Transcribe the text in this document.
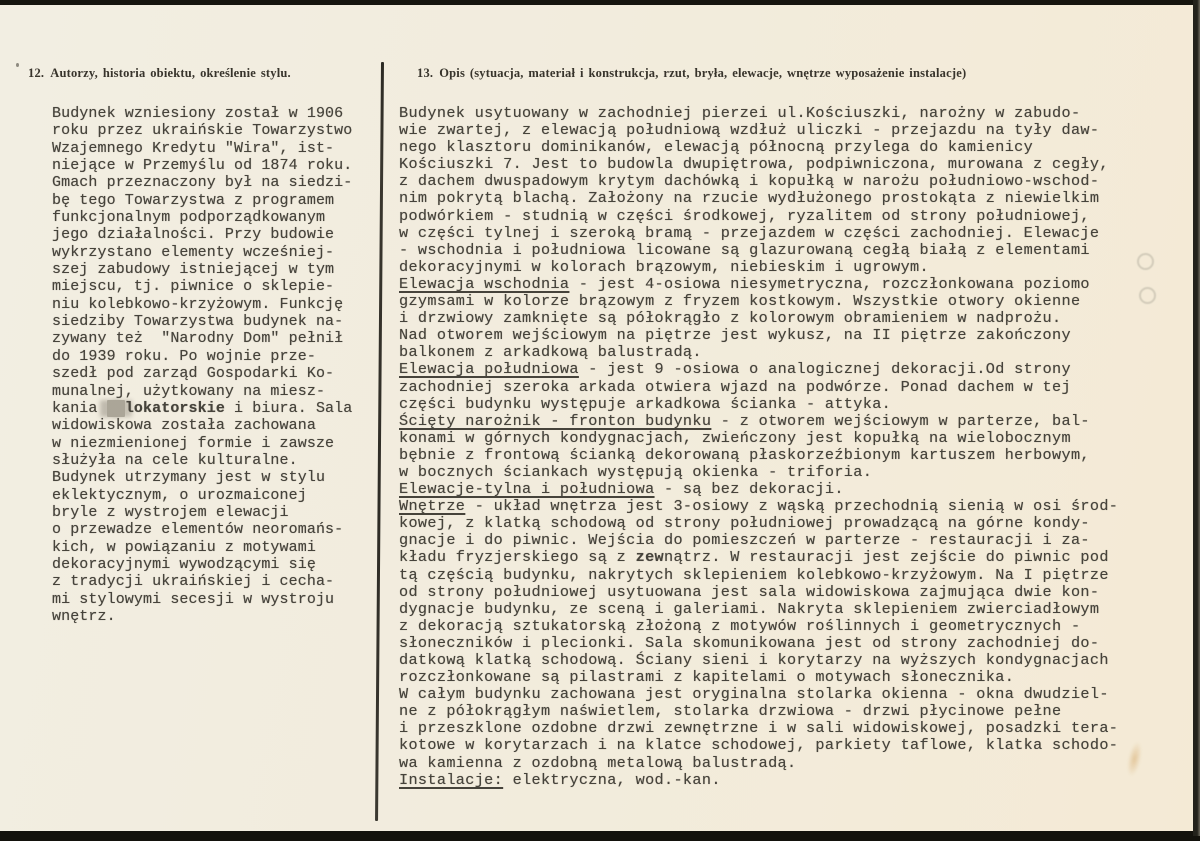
12. Autorzy, historia obiektu, określenie stylu.	13. Opis (sytuacja, materiał i konstrukcja, rzut, bryła, elewacje, wnętrze wyposażenie instalacje)
Budynek wzniesiony został w 1906
roku przez ukraińskie Towarzystwo
Wzajemnego Kredytu "Wira", ist-
niejące w Przemyślu od 1874 roku.
Gmach przeznaczony był na siedzi-
bę tego Towarzystwa z programem
funkcjonalnym podporządkowanym
jego działalności. Przy budowie
wykrzystano elementy wcześniej-
szej zabudowy istniejącej w tym
miejscu, tj. piwnice o sklepie-
niu kolebkowo-krzyżowym. Funkcję
siedziby Towarzystwa budynek na-
zywany też  "Narodny Dom" pełnił
do 1939 roku. Po wojnie prze-
szedł pod zarząd Gospodarki Ko-
munalnej, użytkowany na miesz-
kania   lokatorskie i biura. Sala
widowiskowa została zachowana
w niezmienionej formie i zawsze
służyła na cele kulturalne.
Budynek utrzymany jest w stylu
eklektycznym, o urozmaiconej
bryle z wystrojem elewacji
o przewadze elementów neoromańs-
kich, w powiązaniu z motywami
dekoracyjnymi wywodzącymi się
z tradycji ukraińskiej i cecha-
mi stylowymi secesji w wystroju
wnętrz.
Budynek usytuowany w zachodniej pierzei ul.Kościuszki, narożny w zabudo-
wie zwartej, z elewacją południową wzdłuż uliczki - przejazdu na tyły daw-
nego klasztoru dominikanów, elewacją północną przylega do kamienicy
Kościuszki 7. Jest to budowla dwupiętrowa, podpiwniczona, murowana z cegły,
z dachem dwuspadowym krytym dachówką i kopułką w narożu południowo-wschod-
nim pokrytą blachą. Założony na rzucie wydłużonego prostokąta z niewielkim
podwórkiem - studnią w części środkowej, ryzalitem od strony południowej,
w części tylnej i szeroką bramą - przejazdem w części zachodniej. Elewacje
- wschodnia i południowa licowane są glazurowaną cegłą białą z elementami
dekoracyjnymi w kolorach brązowym, niebieskim i ugrowym.
Elewacja wschodnia - jest 4-osiowa niesymetryczna, rozczłonkowana poziomo
gzymsami w kolorze brązowym z fryzem kostkowym. Wszystkie otwory okienne
i drzwiowy zamknięte są półokrągło z kolorowym obramieniem w nadprożu.
Nad otworem wejściowym na piętrze jest wykusz, na II piętrze zakończony
balkonem z arkadkową balustradą.
Elewacja południowa - jest 9 -osiowa o analogicznej dekoracji.Od strony
zachodniej szeroka arkada otwiera wjazd na podwórze. Ponad dachem w tej
części budynku występuje arkadkowa ścianka - attyka.
Ścięty narożnik - fronton budynku - z otworem wejściowym w parterze, bal-
konami w górnych kondygnacjach, zwieńczony jest kopułką na wielobocznym
bębnie z frontową ścianką dekorowaną płaskorzeźbionym kartuszem herbowym,
w bocznych ściankach występują okienka - triforia.
Elewacje-tylna i południowa - są bez dekoracji.
Wnętrze - układ wnętrza jest 3-osiowy z wąską przechodnią sienią w osi środ-
kowej, z klatką schodową od strony południowej prowadzącą na górne kondy-
gnacje i do piwnic. Wejścia do pomieszczeń w parterze - restauracji i za-
kładu fryzjerskiego są z zewnątrz. W restauracji jest zejście do piwnic pod
tą częścią budynku, nakrytych sklepieniem kolebkowo-krzyżowym. Na I piętrze
od strony południowej usytuowana jest sala widowiskowa zajmująca dwie kon-
dygnacje budynku, ze sceną i galeriami. Nakryta sklepieniem zwierciadłowym
z dekoracją sztukatorską złożoną z motywów roślinnych i geometrycznych -
słoneczników i plecionki. Sala skomunikowana jest od strony zachodniej do-
datkową klatką schodową. Ściany sieni i korytarzy na wyższych kondygnacjach
rozczłonkowane są pilastrami z kapitelami o motywach słonecznika.
W całym budynku zachowana jest oryginalna stolarka okienna - okna dwudziel-
ne z półokrągłym naświetlem, stolarka drzwiowa - drzwi płycinowe pełne
i przeszklone ozdobne drzwi zewnętrzne i w sali widowiskowej, posadzki tera-
kotowe w korytarzach i na klatce schodowej, parkiety taflowe, klatka schodo-
wa kamienna z ozdobną metalową balustradą.
Instalacje: elektryczna, wod.-kan.
